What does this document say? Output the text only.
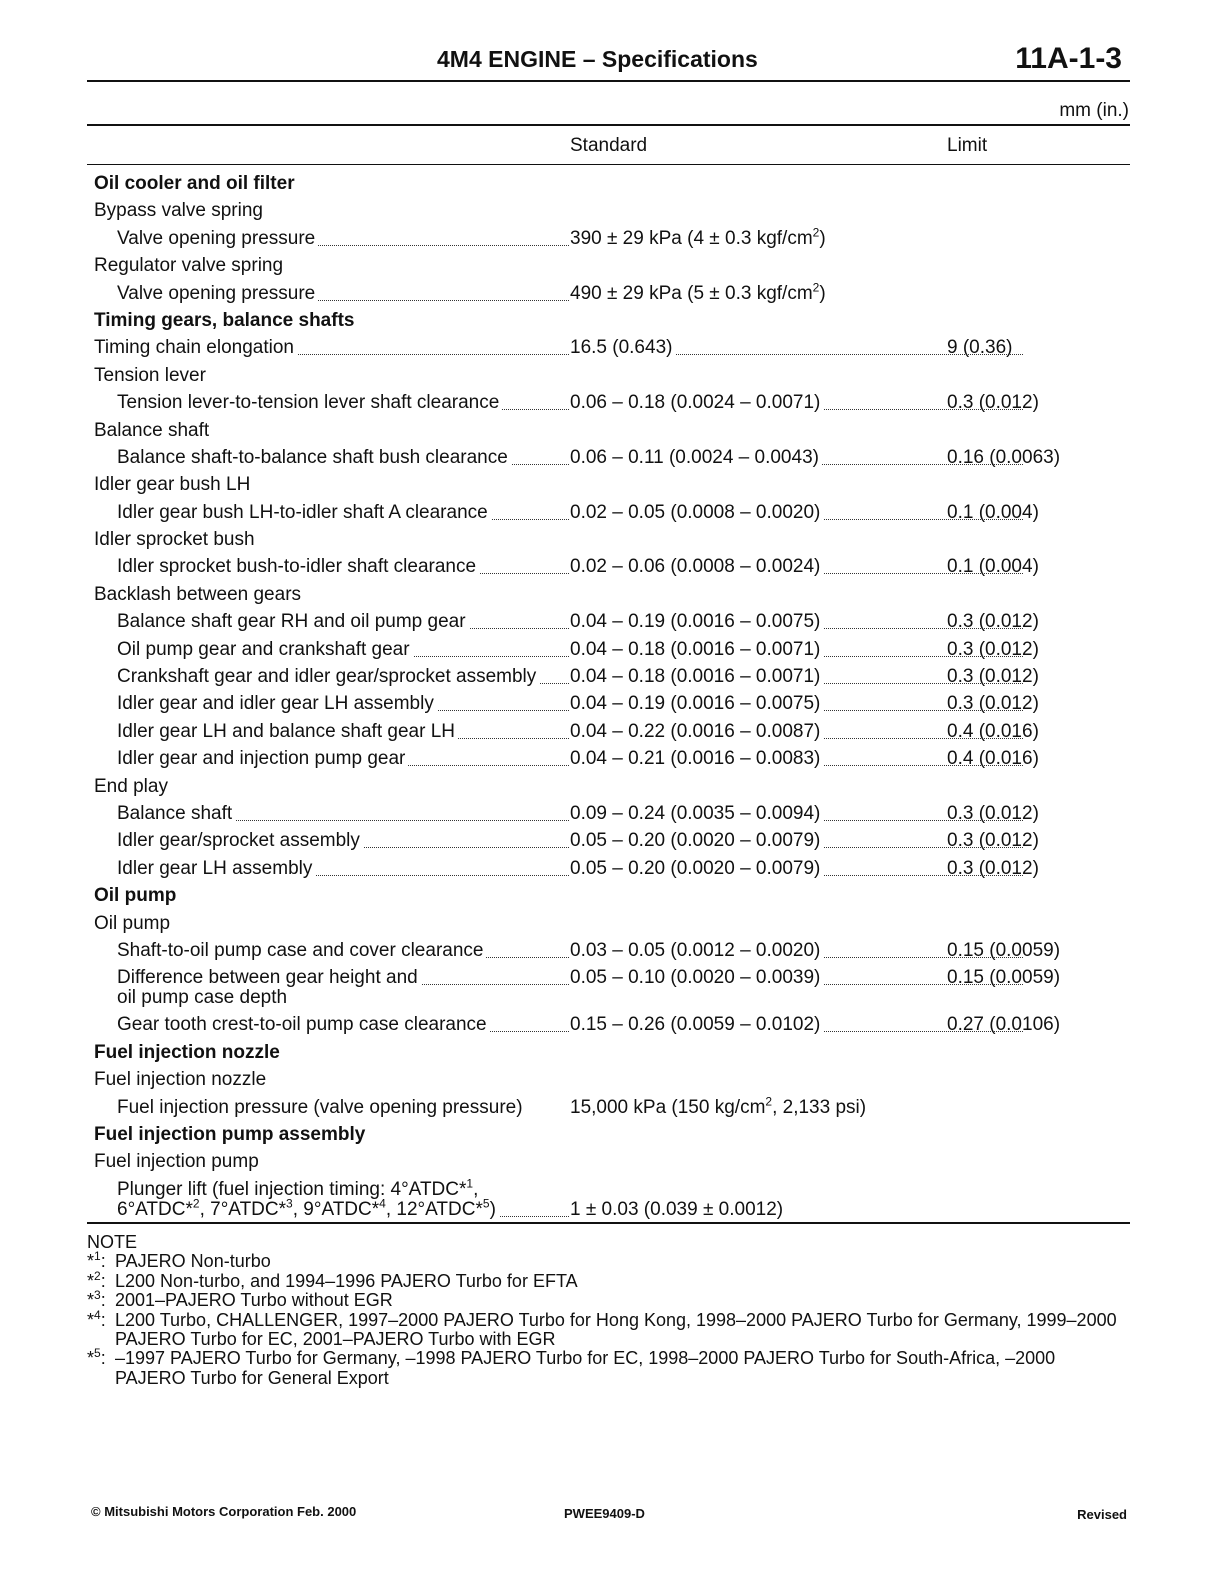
4M4 ENGINE – Specifications	11A-1-3
mm (in.)
Standard	Limit
Oil cooler and oil filter
Bypass valve spring
Valve opening pressure	390 ± 29 kPa (4 ± 0.3 kgf/$cm^2$)
Regulator valve spring
Valve opening pressure	490 ± 29 kPa (5 ± 0.3 kgf/$cm^2$)
Timing gears, balance shafts
Timing chain elongation	16.5 (0.643)	9 (0.36)
Tension lever
Tension lever-to-tension lever shaft clearance	0.06 – 0.18 (0.0024 – 0.0071)	0.3 (0.012)
Balance shaft
Balance shaft-to-balance shaft bush clearance	0.06 – 0.11 (0.0024 – 0.0043)	0.16 (0.0063)
Idler gear bush LH
Idler gear bush LH-to-idler shaft A clearance	0.02 – 0.05 (0.0008 – 0.0020)	0.1 (0.004)
Idler sprocket bush
Idler sprocket bush-to-idler shaft clearance	0.02 – 0.06 (0.0008 – 0.0024)	0.1 (0.004)
Backlash between gears
Balance shaft gear RH and oil pump gear	0.04 – 0.19 (0.0016 – 0.0075)	0.3 (0.012)
Oil pump gear and crankshaft gear	0.04 – 0.18 (0.0016 – 0.0071)	0.3 (0.012)
Crankshaft gear and idler gear/sprocket assembly 0.04 – 0.18 (0.0016 – 0.0071)	0.3 (0.012)
Idler gear and idler gear LH assembly	0.04 – 0.19 (0.0016 – 0.0075)	0.3 (0.012)
Idler gear LH and balance shaft gear LH	0.04 – 0.22 (0.0016 – 0.0087)	0.4 (0.016)
Idler gear and injection pump gear	0.04 – 0.21 (0.0016 – 0.0083)	0.4 (0.016)
End play
Balance shaft	0.09 – 0.24 (0.0035 – 0.0094)	0.3 (0.012)
Idler gear/sprocket assembly	0.05 – 0.20 (0.0020 – 0.0079)	0.3 (0.012)
Idler gear LH assembly	0.05 – 0.20 (0.0020 – 0.0079)	0.3 (0.012)
Oil pump
Oil pump
Shaft-to-oil pump case and cover clearance	0.03 – 0.05 (0.0012 – 0.0020)	0.15 (0.0059)
Difference between gear height and
oil pump case depth
0.05 – 0.10 (0.0020 – 0.0039)	0.15 (0.0059)
Gear tooth crest-to-oil pump case clearance	0.15 – 0.26 (0.0059 – 0.0102)	0.27 (0.0106)
Fuel injection nozzle
Fuel injection nozzle
Fuel injection pressure (valve opening pressure) 15,000 kPa (150 $kg/cm^2$, 2,133 psi)
Fuel injection pump assembly
Fuel injection pump
Plunger lift (fuel injection timing: 4°ATDC*$^1$,
6°ATDC*$^2$, 7°ATDC*$^3$, 9°ATDC*$^4$, 12°ATDC*$^5$)	1 ± 0.03 (0.039 ± 0.0012)
NOTE
*$^1$: PAJERO Non-turbo
*$^2$: L200 Non-turbo, and 1994–1996 PAJERO Turbo for EFTA
*$^3$: 2001–PAJERO Turbo without EGR
*$^4$: L200 Turbo, CHALLENGER, 1997–2000 PAJERO Turbo for Hong Kong, 1998–2000 PAJERO Turbo for Germany, 1999–2000 PAJERO Turbo for EC, 2001–PAJERO Turbo with EGR
*$^5$: –1997 PAJERO Turbo for Germany, –1998 PAJERO Turbo for EC, 1998–2000 PAJERO Turbo for South-Africa, –2000 PAJERO Turbo for General Export
© Mitsubishi Motors Corporation Feb. 2000	PWEE9409-D	Revised
